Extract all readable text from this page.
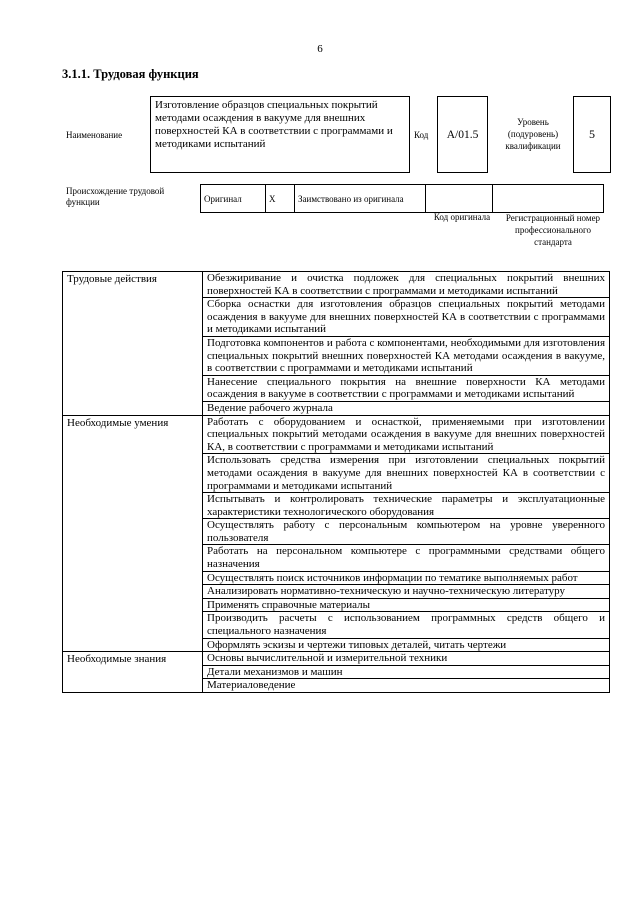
6
3.1.1. Трудовая функция
Наименование
Изготовление образцов специальных покрытий методами осаждения в вакууме для внешних поверхностей КА в соответствии с программами и методиками испытаний
Код	A/01.5
Уровень (подуровень) квалификации
5
Происхождение трудовой функции	Оригинал	X	Заимствовано из оригинала		
Код оригинала	Регистрационный номер профессионального стандарта
Трудовые действия	Обезжиривание и очистка подложек для специальных покрытий внешних поверхностей КА в соответствии с программами и методиками испытаний
	Сборка оснастки для изготовления образцов специальных покрытий методами осаждения в вакууме для внешних поверхностей КА в соответствии с программами и методиками испытаний
	Подготовка компонентов и работа с компонентами, необходимыми для изготовления специальных покрытий внешних поверхностей КА методами осаждения в вакууме, в соответствии с программами и методиками испытаний
	Нанесение специального покрытия на внешние поверхности КА методами осаждения в вакууме в соответствии с программами и методиками испытаний
	Ведение рабочего журнала
Необходимые умения	Работать с оборудованием и оснасткой, применяемыми при изготовлении специальных покрытий методами осаждения в вакууме для внешних поверхностей КА, в соответствии с программами и методиками испытаний
	Использовать средства измерения при изготовлении специальных покрытий методами осаждения в вакууме для внешних поверхностей КА в соответствии с программами и методиками испытаний
	Испытывать и контролировать технические параметры и эксплуатационные характеристики технологического оборудования
	Осуществлять работу с персональным компьютером на уровне уверенного пользователя
	Работать на персональном компьютере с программными средствами общего назначения
	Осуществлять поиск источников информации по тематике выполняемых работ
	Анализировать нормативно-техническую и научно-техническую литературу
	Применять справочные материалы
	Производить расчеты с использованием программных средств общего и специального назначения
	Оформлять эскизы и чертежи типовых деталей, читать чертежи
Необходимые знания	Основы вычислительной и измерительной техники
	Детали механизмов и машин
	Материаловедение
